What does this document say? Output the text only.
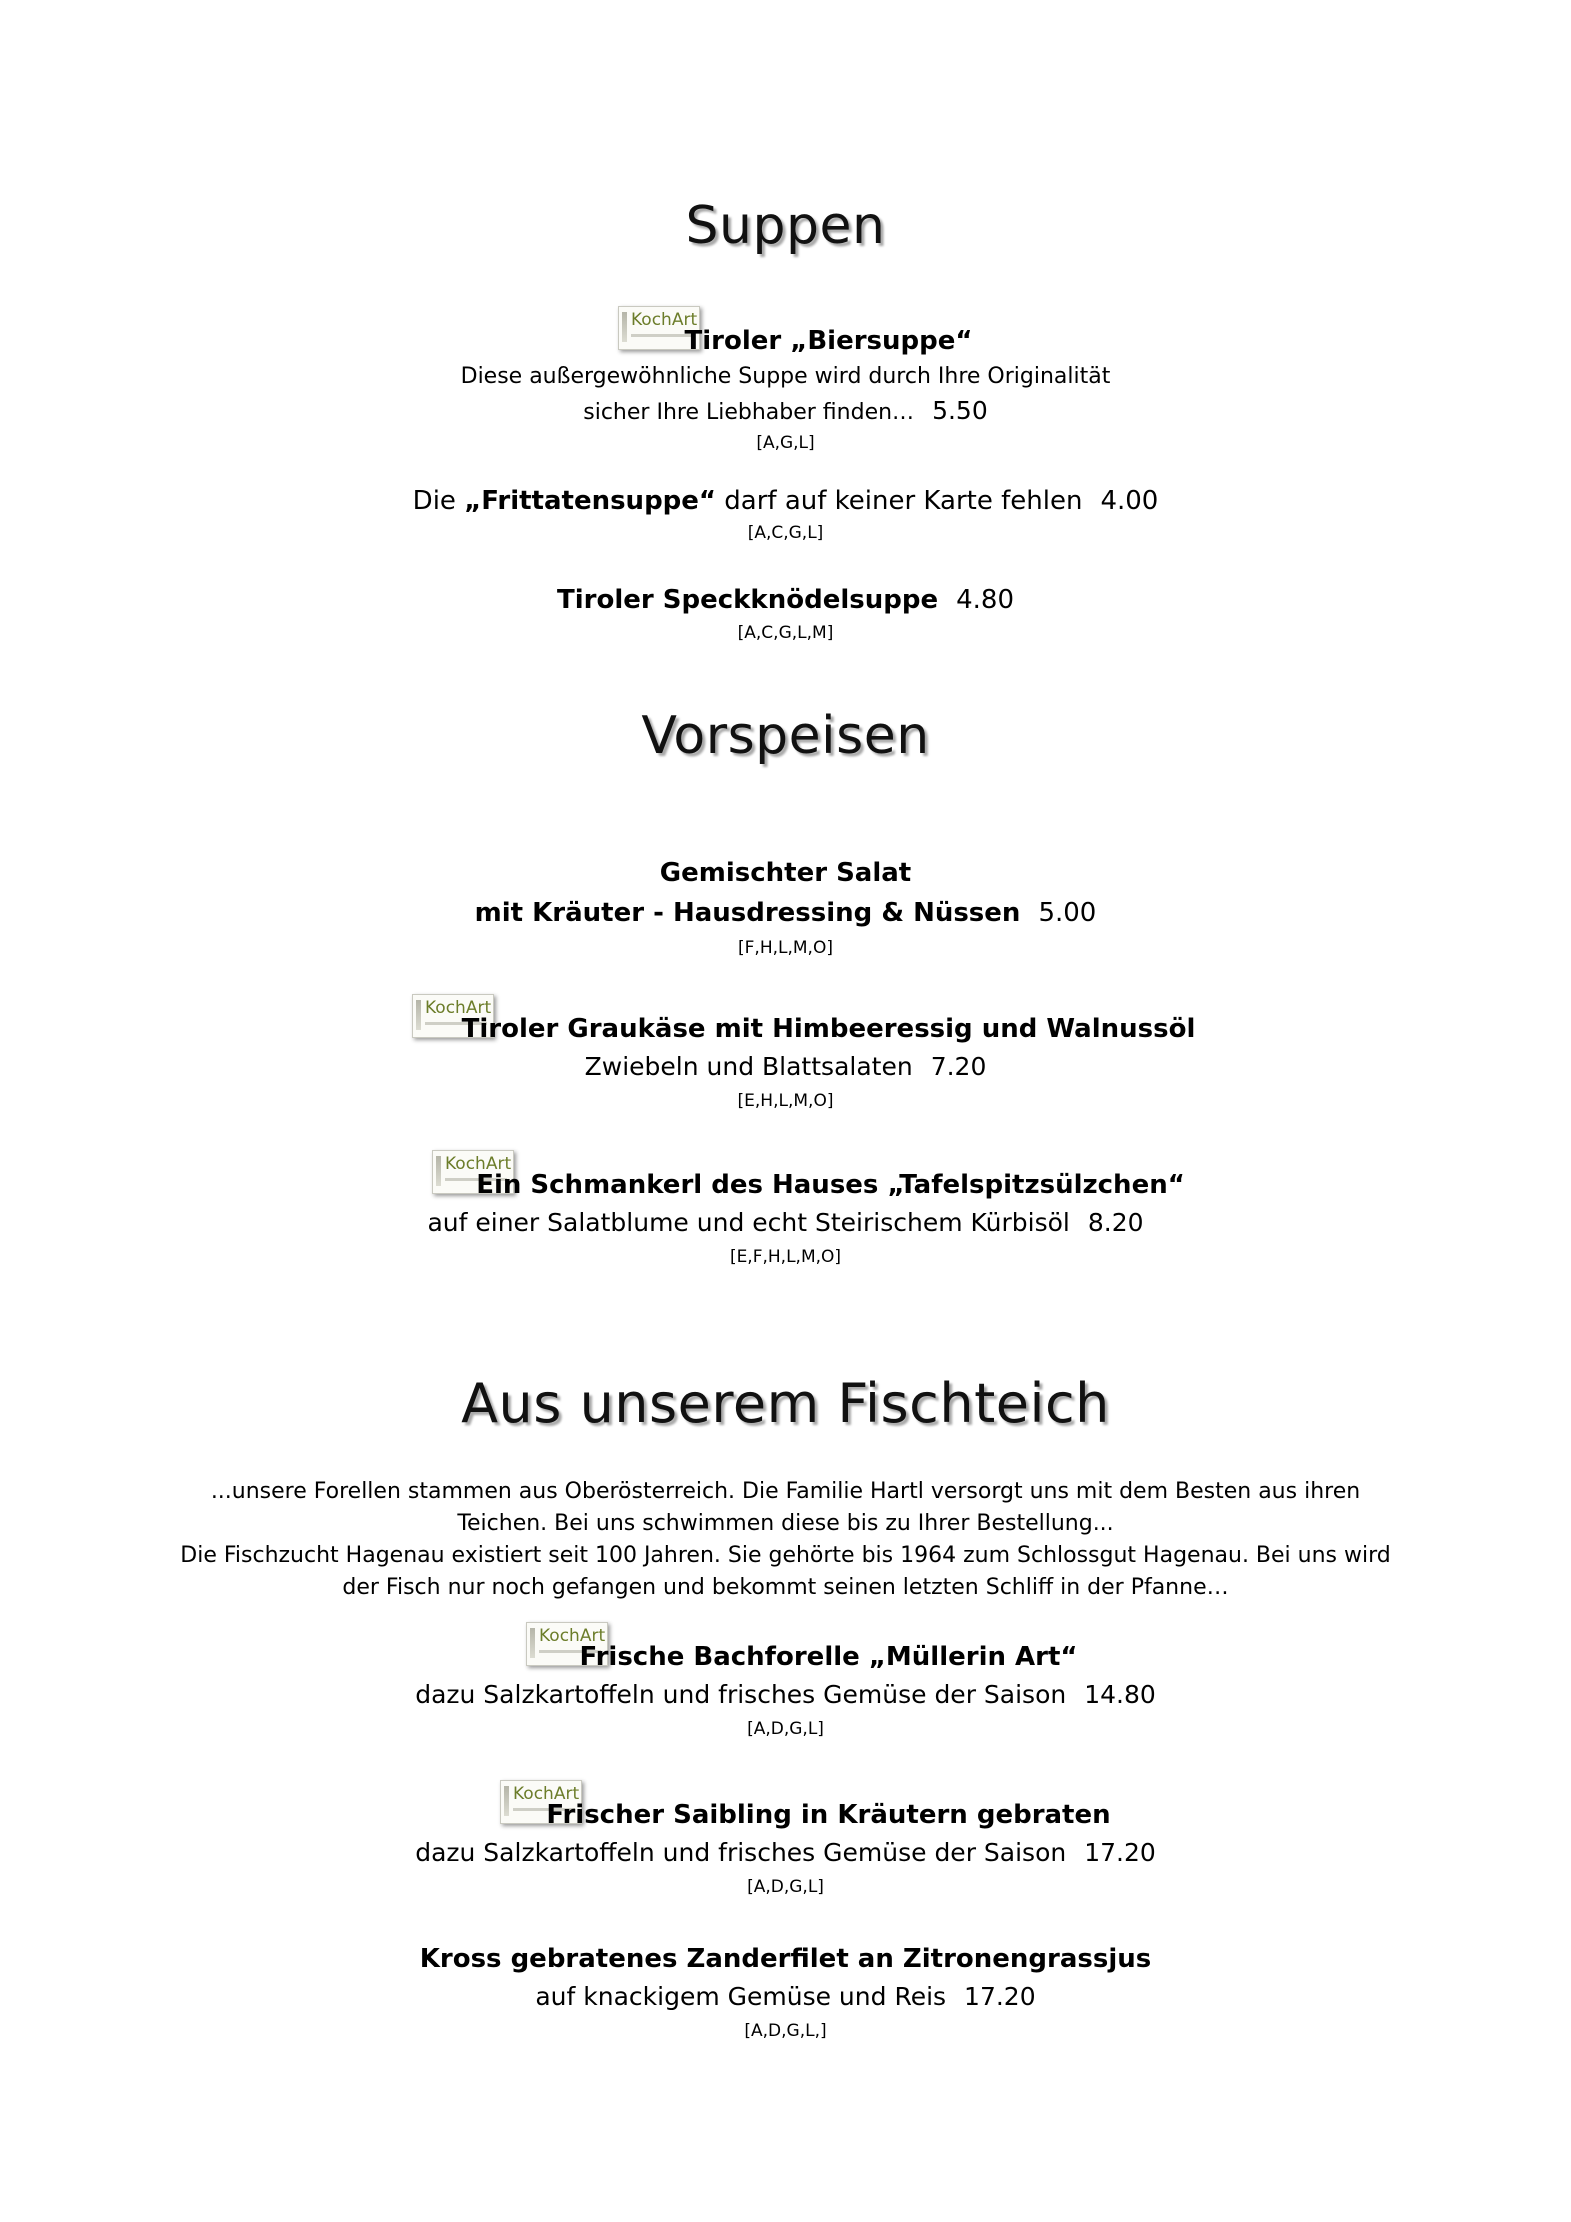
Suppen
KochArt
Tiroler „Biersuppe“
Diese außergewöhnliche Suppe wird durch Ihre Originalität
sicher Ihre Liebhaber finden… 5.50
[A,G,L]
Die „Frittatensuppe“ darf auf keiner Karte fehlen 4.00
[A,C,G,L]
Tiroler Speckknödelsuppe 4.80
[A,C,G,L,M]
Vorspeisen
Gemischter Salat
mit Kräuter - Hausdressing & Nüssen 5.00
[F,H,L,M,O]
KochArt
Tiroler Graukäse mit Himbeeressig und Walnussöl
Zwiebeln und Blattsalaten 7.20
[E,H,L,M,O]
KochArt
Ein Schmankerl des Hauses „Tafelspitzsülzchen“
auf einer Salatblume und echt Steirischem Kürbisöl 8.20
[E,F,H,L,M,O]
Aus unserem Fischteich
...unsere Forellen stammen aus Oberösterreich. Die Familie Hartl versorgt uns mit dem Besten aus ihren
Teichen. Bei uns schwimmen diese bis zu Ihrer Bestellung...
Die Fischzucht Hagenau existiert seit 100 Jahren. Sie gehörte bis 1964 zum Schlossgut Hagenau. Bei uns wird
der Fisch nur noch gefangen und bekommt seinen letzten Schliff in der Pfanne…
KochArt
Frische Bachforelle „Müllerin Art“
dazu Salzkartoffeln und frisches Gemüse der Saison 14.80
[A,D,G,L]
KochArt
Frischer Saibling in Kräutern gebraten
dazu Salzkartoffeln und frisches Gemüse der Saison 17.20
[A,D,G,L]
Kross gebratenes Zanderfilet an Zitronengrassjus
auf knackigem Gemüse und Reis 17.20
[A,D,G,L,]
